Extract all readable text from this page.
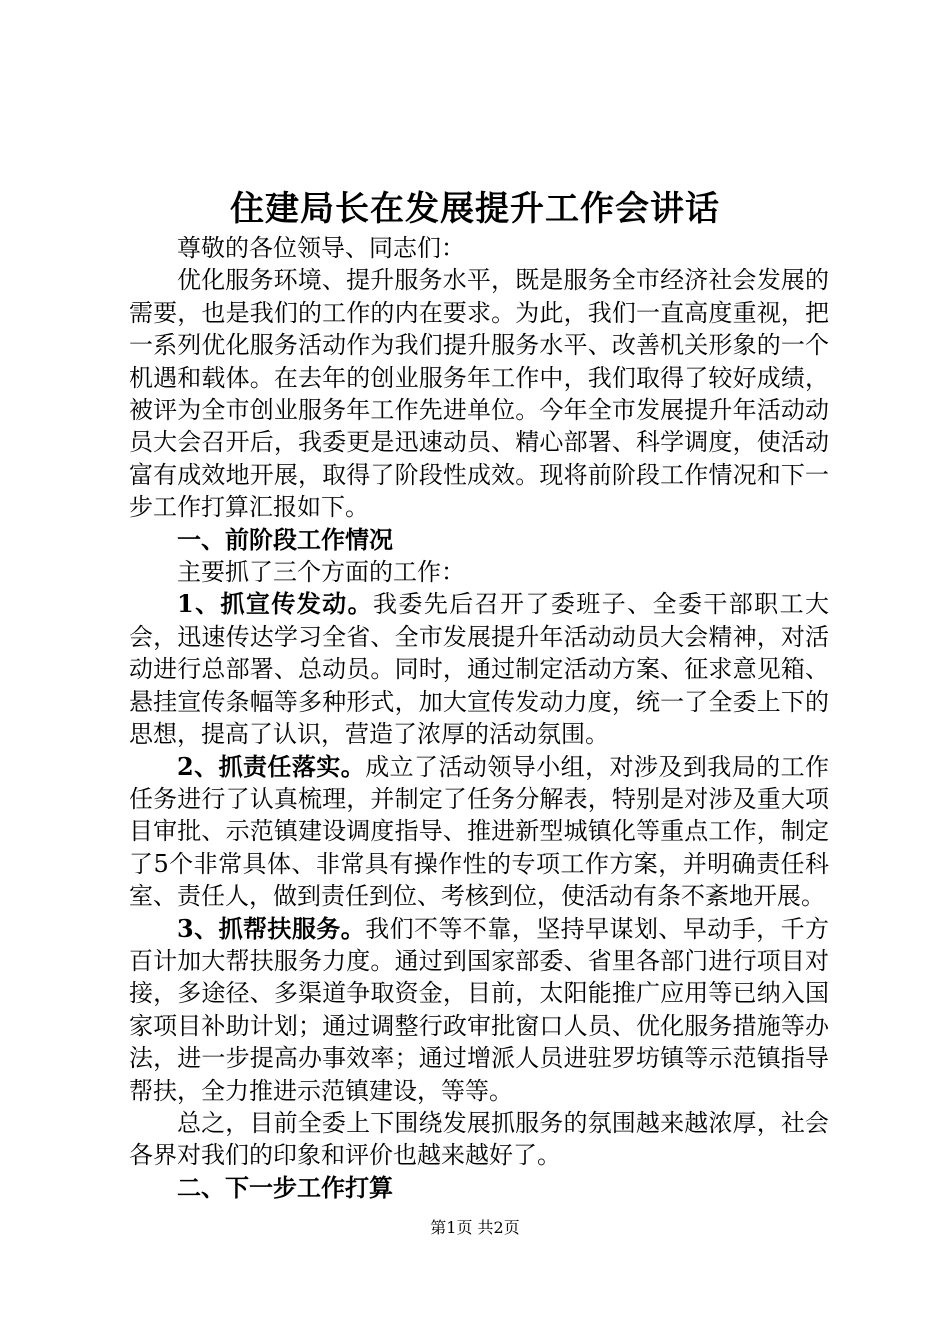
住建局长在发展提升工作会讲话

尊敬的各位领导、同志们：

优化服务环境、提升服务水平，既是服务全市经济社会发展的需要，也是我们的工作的内在要求。为此，我们一直高度重视，把一系列优化服务活动作为我们提升服务水平、改善机关形象的一个机遇和载体。在去年的创业服务年工作中，我们取得了较好成绩，被评为全市创业服务年工作先进单位。今年全市发展提升年活动动员大会召开后，我委更是迅速动员、精心部署、科学调度，使活动富有成效地开展，取得了阶段性成效。现将前阶段工作情况和下一步工作打算汇报如下。

一、前阶段工作情况

主要抓了三个方面的工作：

1、抓宣传发动。我委先后召开了委班子、全委干部职工大会，迅速传达学习全省、全市发展提升年活动动员大会精神，对活动进行总部署、总动员。同时，通过制定活动方案、征求意见箱、悬挂宣传条幅等多种形式，加大宣传发动力度，统一了全委上下的思想，提高了认识，营造了浓厚的活动氛围。

2、抓责任落实。成立了活动领导小组，对涉及到我局的工作任务进行了认真梳理，并制定了任务分解表，特别是对涉及重大项目审批、示范镇建设调度指导、推进新型城镇化等重点工作，制定了5个非常具体、非常具有操作性的专项工作方案，并明确责任科室、责任人，做到责任到位、考核到位，使活动有条不紊地开展。

3、抓帮扶服务。我们不等不靠，坚持早谋划、早动手，千方百计加大帮扶服务力度。通过到国家部委、省里各部门进行项目对接，多途径、多渠道争取资金，目前，太阳能推广应用等已纳入国家项目补助计划；通过调整行政审批窗口人员、优化服务措施等办法，进一步提高办事效率；通过增派人员进驻罗坊镇等示范镇指导帮扶，全力推进示范镇建设，等等。

总之，目前全委上下围绕发展抓服务的氛围越来越浓厚，社会各界对我们的印象和评价也越来越好了。

二、下一步工作打算

第1页 共2页
